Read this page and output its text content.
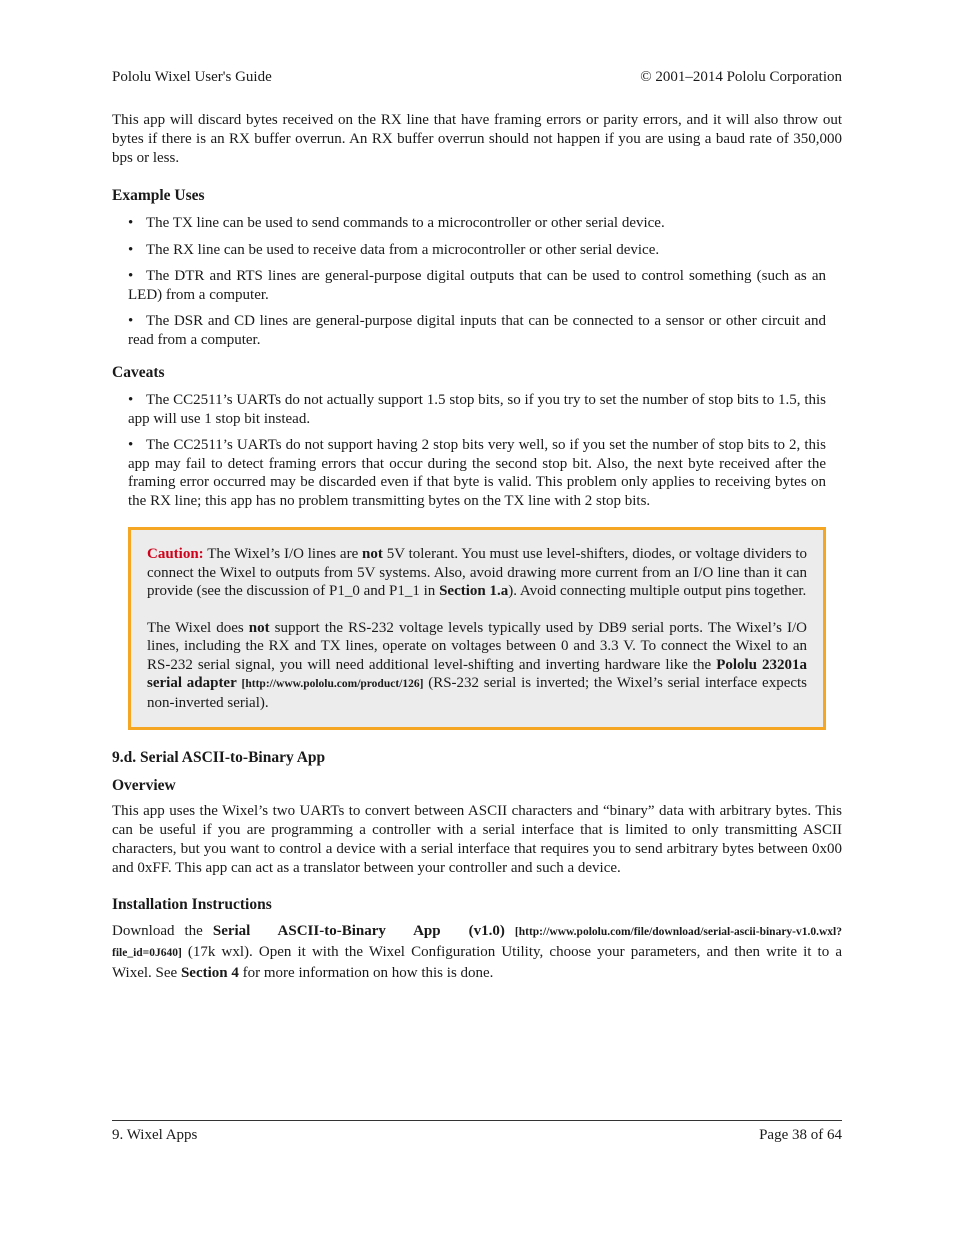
Pololu Wixel User's Guide	© 2001–2014 Pololu Corporation

This app will discard bytes received on the RX line that have framing errors or parity errors, and it will also throw out bytes if there is an RX buffer overrun. An RX buffer overrun should not happen if you are using a baud rate of 350,000 bps or less.

Example Uses
• The TX line can be used to send commands to a microcontroller or other serial device.
• The RX line can be used to receive data from a microcontroller or other serial device.
• The DTR and RTS lines are general-purpose digital outputs that can be used to control something (such as an LED) from a computer.
• The DSR and CD lines are general-purpose digital inputs that can be connected to a sensor or other circuit and read from a computer.
Caveats
• The CC2511’s UARTs do not actually support 1.5 stop bits, so if you try to set the number of stop bits to 1.5, this app will use 1 stop bit instead.
• The CC2511’s UARTs do not support having 2 stop bits very well, so if you set the number of stop bits to 2, this app may fail to detect framing errors that occur during the second stop bit. Also, the next byte received after the framing error occurred may be discarded even if that byte is valid. This problem only applies to receiving bytes on the RX line; this app has no problem transmitting bytes on the TX line with 2 stop bits.

Caution: The Wixel’s I/O lines are not 5V tolerant. You must use level-shifters, diodes, or voltage dividers to connect the Wixel to outputs from 5V systems. Also, avoid drawing more current from an I/O line than it can provide (see the discussion of P1_0 and P1_1 in Section 1.a). Avoid connecting multiple output pins together.

The Wixel does not support the RS-232 voltage levels typically used by DB9 serial ports. The Wixel’s I/O lines, including the RX and TX lines, operate on voltages between 0 and 3.3 V. To connect the Wixel to an RS-232 serial signal, you will need additional level-shifting and inverting hardware like the Pololu 23201a serial adapter [http://www.pololu.com/product/126] (RS-232 serial is inverted; the Wixel’s serial interface expects non-inverted serial).

9.d. Serial ASCII-to-Binary App
Overview

This app uses the Wixel’s two UARTs to convert between ASCII characters and “binary” data with arbitrary bytes. This can be useful if you are programming a controller with a serial interface that is limited to only transmitting ASCII characters, but you want to control a device with a serial interface that requires you to send arbitrary bytes between 0x00 and 0xFF. This app can act as a translator between your controller and such a device.

Installation Instructions

Download the Serial ASCII-to-Binary App (v1.0) [http://www.pololu.com/file/download/serial-ascii-binary-v1.0.wxl?file_id=0J640] (17k wxl). Open it with the Wixel Configuration Utility, choose your parameters, and then write it to a Wixel. See Section 4 for more information on how this is done.

9. Wixel Apps	Page 38 of 64
